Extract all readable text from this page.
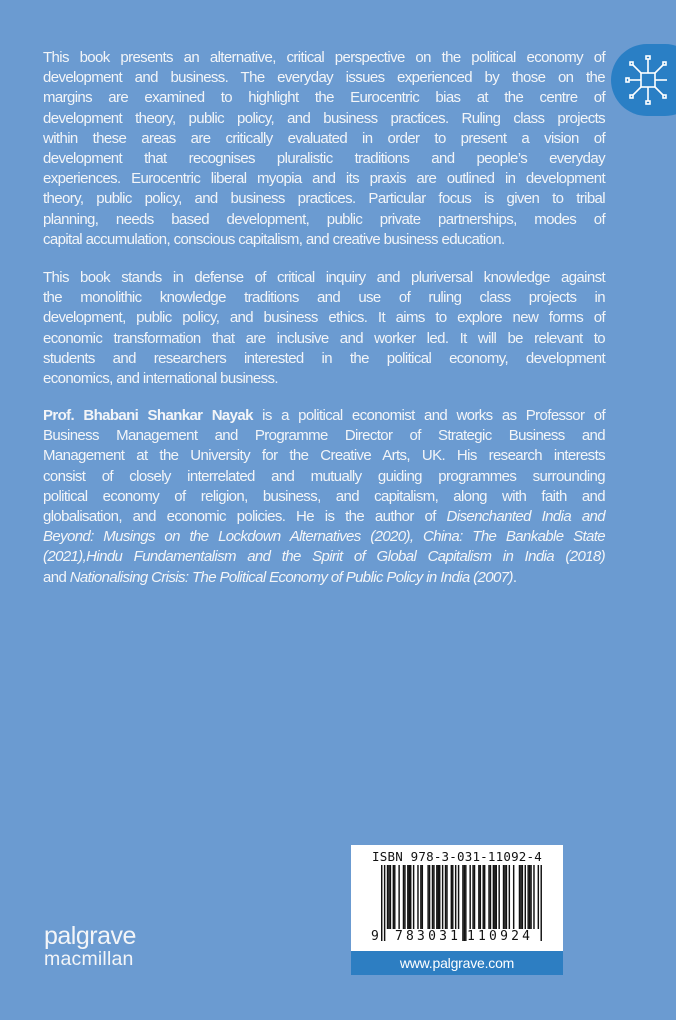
This book presents an alternative, critical perspective on the political economy of
development and business. The everyday issues experienced by those on the
margins are examined to highlight the Eurocentric bias at the centre of
development theory, public policy, and business practices. Ruling class projects
within these areas are critically evaluated in order to present a vision of
development that recognises pluralistic traditions and people’s everyday
experiences. Eurocentric liberal myopia and its praxis are outlined in development
theory, public policy, and business practices. Particular focus is given to tribal
planning, needs based development, public private partnerships, modes of
capital accumulation, conscious capitalism, and creative business education.
This book stands in defense of critical inquiry and pluriversal knowledge against
the monolithic knowledge traditions and use of ruling class projects in
development, public policy, and business ethics. It aims to explore new forms of
economic transformation that are inclusive and worker led. It will be relevant to
students and researchers interested in the political economy, development
economics, and international business.
Prof. Bhabani Shankar Nayak is a political economist and works as Professor of
Business Management and Programme Director of Strategic Business and
Management at the University for the Creative Arts, UK. His research interests
consist of closely interrelated and mutually guiding programmes surrounding
political economy of religion, business, and capitalism, along with faith and
globalisation, and economic policies. He is the author of Disenchanted India and
Beyond: Musings on the Lockdown Alternatives (2020), China: The Bankable State
(2021),Hindu Fundamentalism and the Spirit of Global Capitalism in India (2018)
and Nationalising Crisis: The Political Economy of Public Policy in India (2007).
ISBN 978-3-031-11092-4
9 783031 110924
www.palgrave.com
palgrave
macmillan
